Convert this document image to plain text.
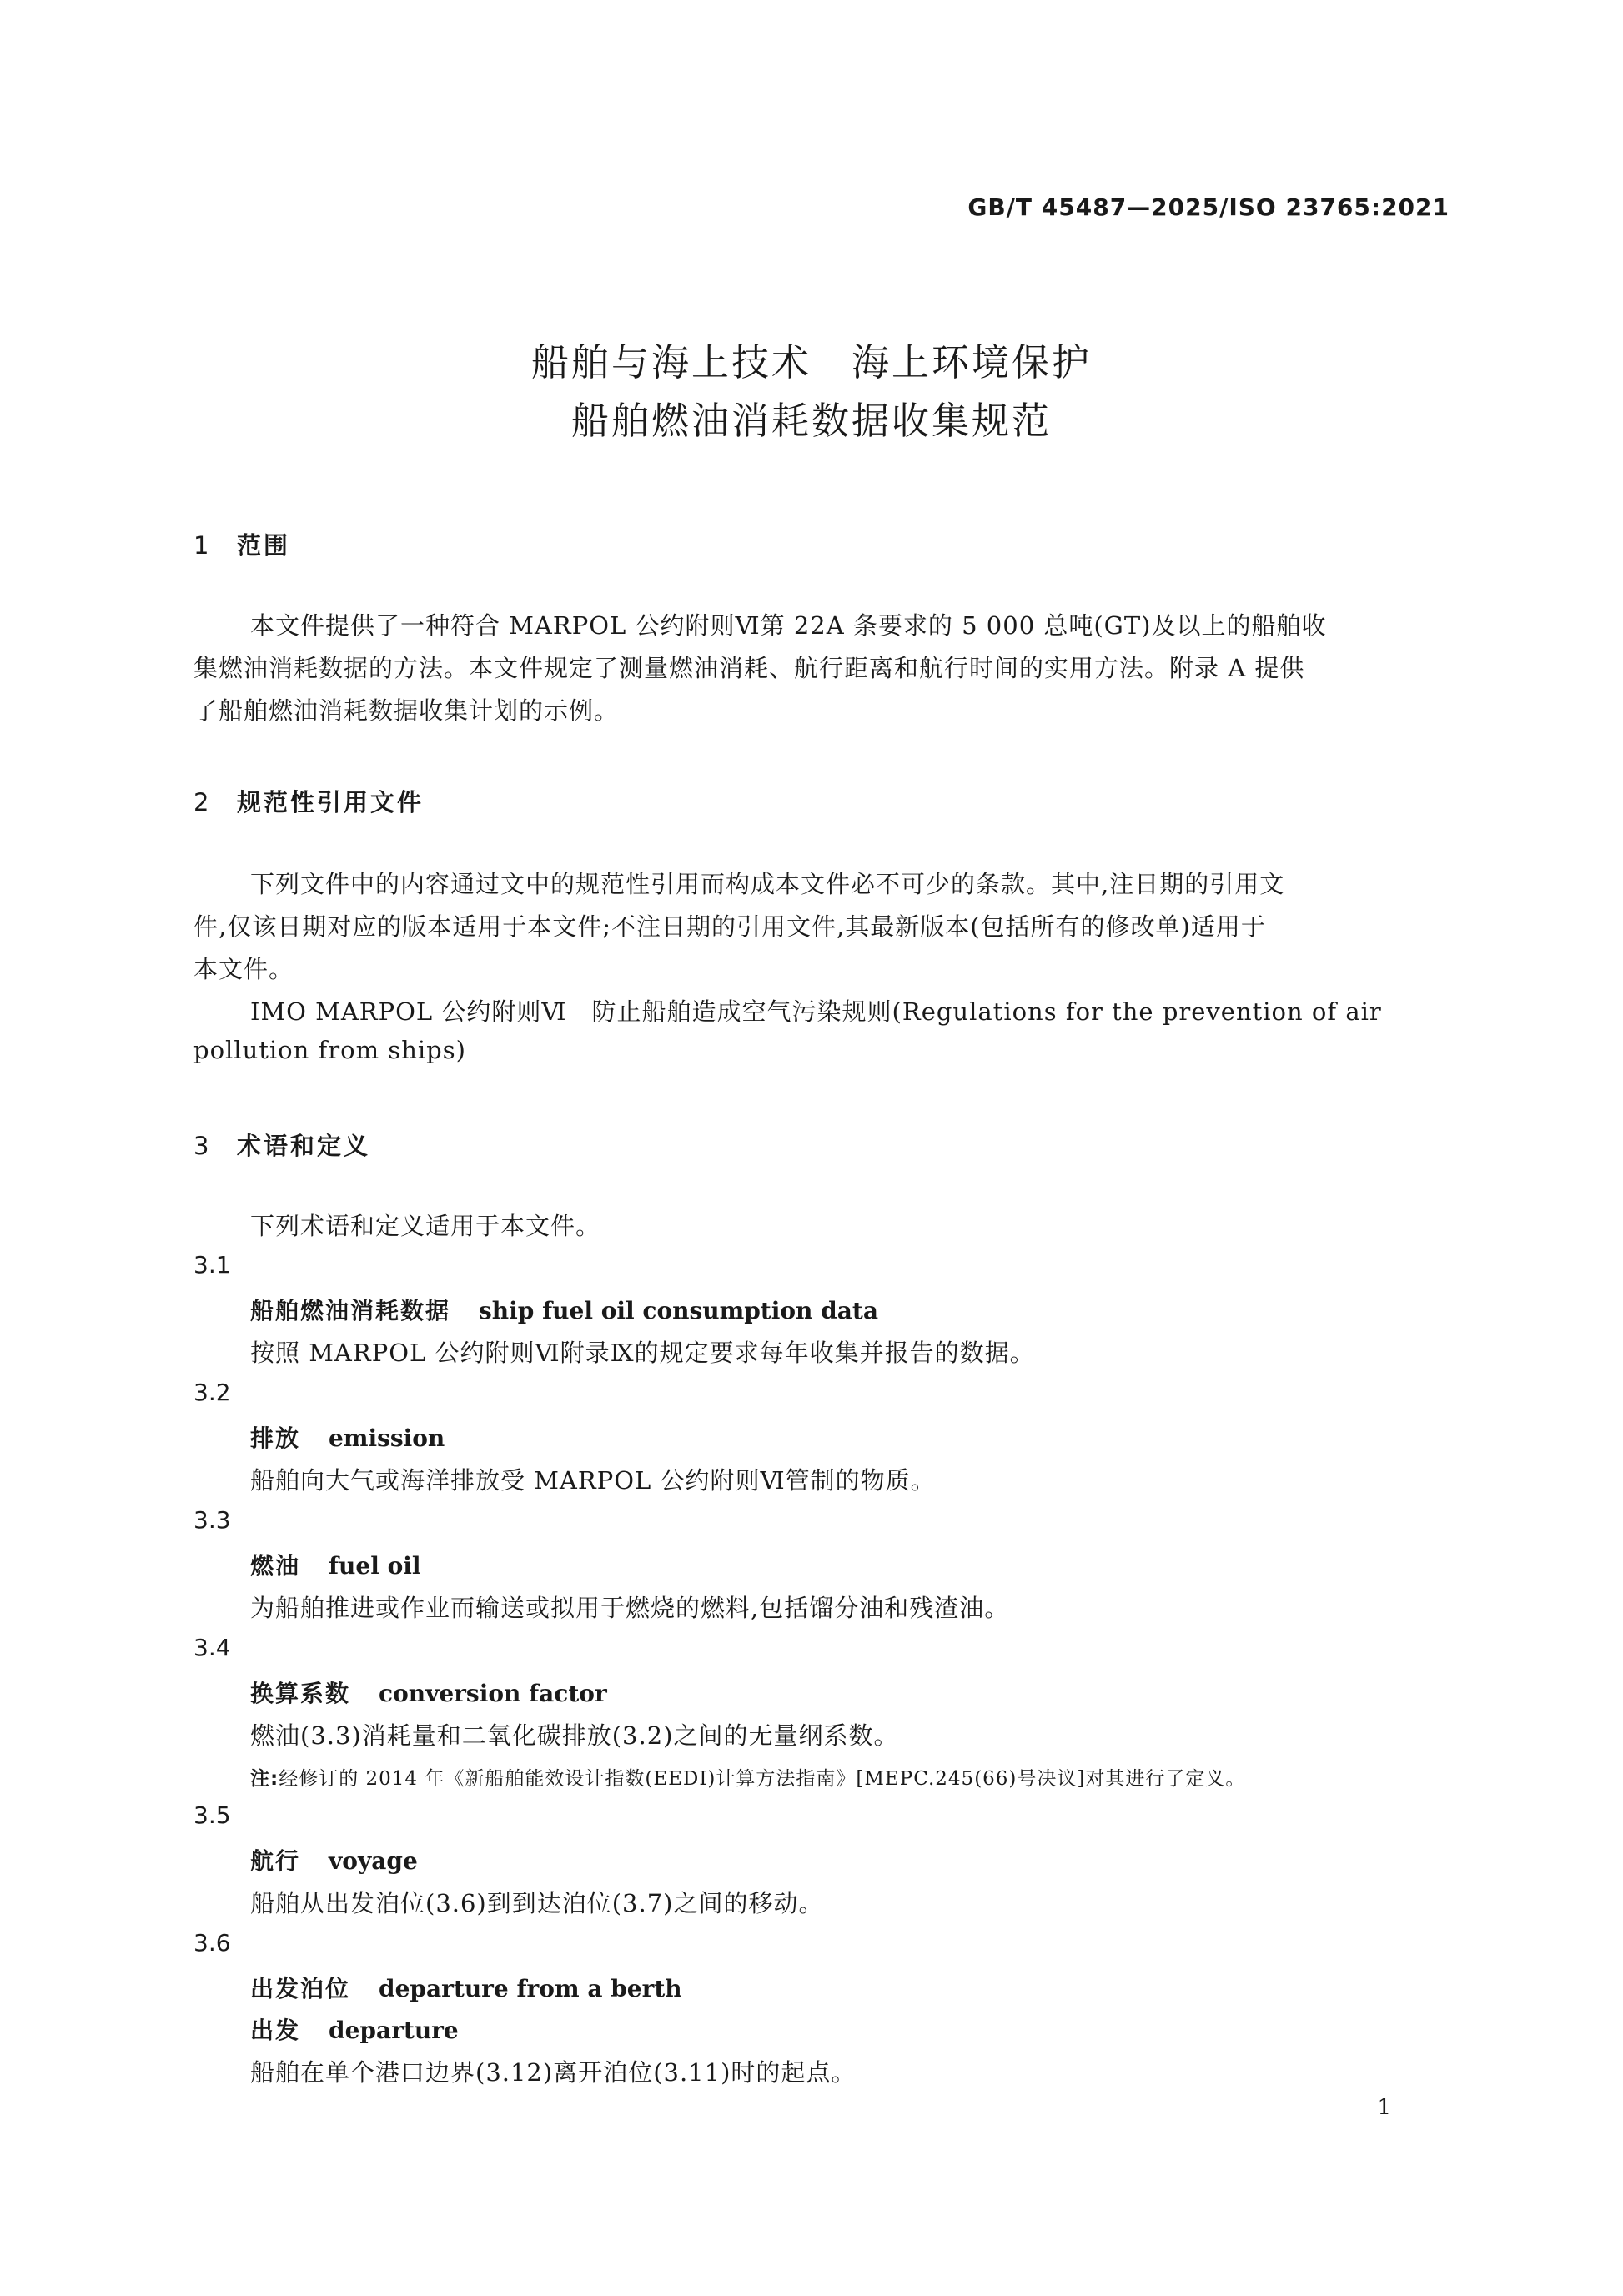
GB/T 45487—2025/ISO 23765:2021
船舶与海上技术　海上环境保护
船舶燃油消耗数据收集规范
1 范围
本文件提供了一种符合 MARPOL 公约附则Ⅵ第 22A 条要求的 5 000 总吨(GT)及以上的船舶收
集燃油消耗数据的方法。本文件规定了测量燃油消耗、航行距离和航行时间的实用方法。附录 A 提供
了船舶燃油消耗数据收集计划的示例。
2 规范性引用文件
下列文件中的内容通过文中的规范性引用而构成本文件必不可少的条款。其中,注日期的引用文
件,仅该日期对应的版本适用于本文件;不注日期的引用文件,其最新版本(包括所有的修改单)适用于
本文件。
IMO MARPOL 公约附则Ⅵ　防止船舶造成空气污染规则(Regulations for the prevention of air
pollution from ships)
3 术语和定义
下列术语和定义适用于本文件。
3.1
船舶燃油消耗数据 ship fuel oil consumption data
按照 MARPOL 公约附则Ⅵ附录Ⅸ的规定要求每年收集并报告的数据。
3.2
排放 emission
船舶向大气或海洋排放受 MARPOL 公约附则Ⅵ管制的物质。
3.3
燃油 fuel oil
为船舶推进或作业而输送或拟用于燃烧的燃料,包括馏分油和残渣油。
3.4
换算系数 conversion factor
燃油(3.3)消耗量和二氧化碳排放(3.2)之间的无量纲系数。
注:经修订的 2014 年《新船舶能效设计指数(EEDI)计算方法指南》[MEPC.245(66)号决议]对其进行了定义。
3.5
航行 voyage
船舶从出发泊位(3.6)到到达泊位(3.7)之间的移动。
3.6
出发泊位 departure from a berth
出发 departure
船舶在单个港口边界(3.12)离开泊位(3.11)时的起点。
1
